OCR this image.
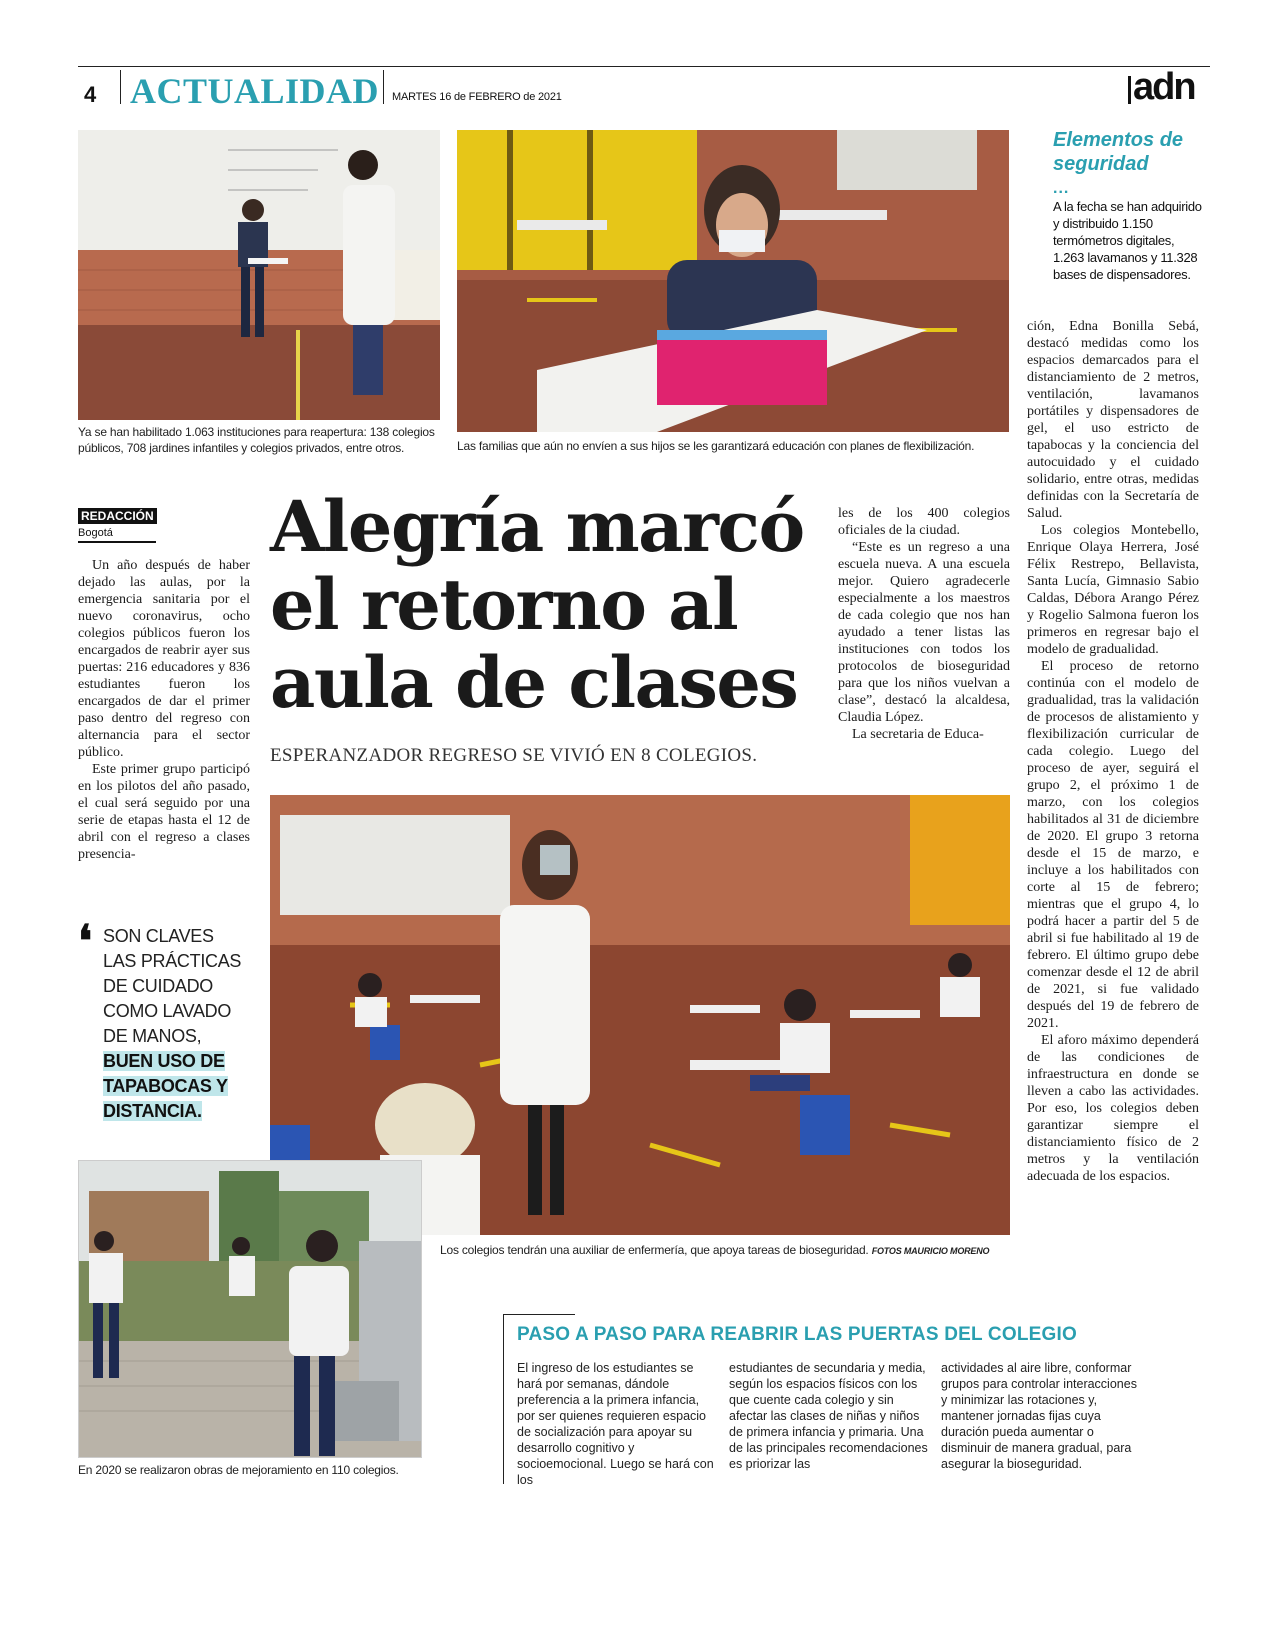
4 ACTUALIDAD MARTES 16 de FEBRERO de 2021	adn
Ya se han habilitado 1.063 instituciones para reapertura: 138 colegios públicos, 708 jardines infantiles y colegios privados, entre otros.	Las familias que aún no envíen a sus hijos se les garantizará educación con planes de flexibilización.
Elementos de seguridad
...
A la fecha se han adquirido y distribuido 1.150 termómetros digitales, 1.263 lavamanos y 11.328 bases de dispensadores.
REDACCIÓN
Bogotá	Alegría marcó el retorno al aula de clases
ESPERANZADOR REGRESO SE VIVIÓ EN 8 COLEGIOS.

Un año después de haber dejado las aulas, por la emergencia sanitaria por el nuevo coronavirus, ocho colegios públicos fueron los encargados de reabrir ayer sus puertas: 216 educadores y 836 estudiantes fueron los encargados de dar el primer paso dentro del regreso con alternancia para el sector público.

Este primer grupo participó en los pilotos del año pasado, el cual será seguido por una serie de etapas hasta el 12 de abril con el regreso a clases presencia-

les de los 400 colegios oficiales de la ciudad.

“Este es un regreso a una escuela nueva. A una escuela mejor. Quiero agradecerle especialmente a los maestros de cada colegio que nos han ayudado a tener listas las instituciones con todos los protocolos de bioseguridad para que los niños vuelvan a clase”, destacó la alcaldesa, Claudia López.

La secretaria de Educa-

ción, Edna Bonilla Sebá, destacó medidas como los espacios demarcados para el distanciamiento de 2 metros, ventilación, lavamanos portátiles y dispensadores de gel, el uso estricto de tapabocas y la conciencia del autocuidado y el cuidado solidario, entre otras, medidas definidas con la Secretaría de Salud.

Los colegios Montebello, Enrique Olaya Herrera, José Félix Restrepo, Bellavista, Santa Lucía, Gimnasio Sabio Caldas, Débora Arango Pérez y Rogelio Salmona fueron los primeros en regresar bajo el modelo de gradualidad.

El proceso de retorno continúa con el modelo de gradualidad, tras la validación de procesos de alistamiento y flexibilización curricular de cada colegio. Luego del proceso de ayer, seguirá el grupo 2, el próximo 1 de marzo, con los colegios habilitados al 31 de diciembre de 2020. El grupo 3 retorna desde el 15 de marzo, e incluye a los habilitados con corte al 15 de febrero; mientras que el grupo 4, lo podrá hacer a partir del 5 de abril si fue habilitado al 19 de febrero. El último grupo debe comenzar desde el 12 de abril de 2021, si fue validado después del 19 de febrero de 2021.

El aforo máximo dependerá de las condiciones de infraestructura en donde se lleven a cabo las actividades. Por eso, los colegios deben garantizar siempre el distanciamiento físico de 2 metros y la ventilación adecuada de los espacios.

❛ SON CLAVES LAS PRÁCTICAS DE CUIDADO COMO LAVADO DE MANOS, BUEN USO DE TAPABOCAS Y DISTANCIA.
Los colegios tendrán una auxiliar de enfermería, que apoya tareas de bioseguridad. FOTOS MAURICIO MORENO
En 2020 se realizaron obras de mejoramiento en 110 colegios.
PASO A PASO PARA REABRIR LAS PUERTAS DEL COLEGIO
El ingreso de los estudiantes se hará por semanas, dándole preferencia a la primera infancia, por ser quienes requieren espacio de socialización para apoyar su desarrollo cognitivo y socioemocional. Luego se hará con los
estudiantes de secundaria y media, según los espacios físicos con los que cuente cada colegio y sin afectar las clases de niñas y niños de primera infancia y primaria. Una de las principales recomendaciones es priorizar las
actividades al aire libre, conformar grupos para controlar interacciones y minimizar las rotaciones y, mantener jornadas fijas cuya duración pueda aumentar o disminuir de manera gradual, para asegurar la bioseguridad.
